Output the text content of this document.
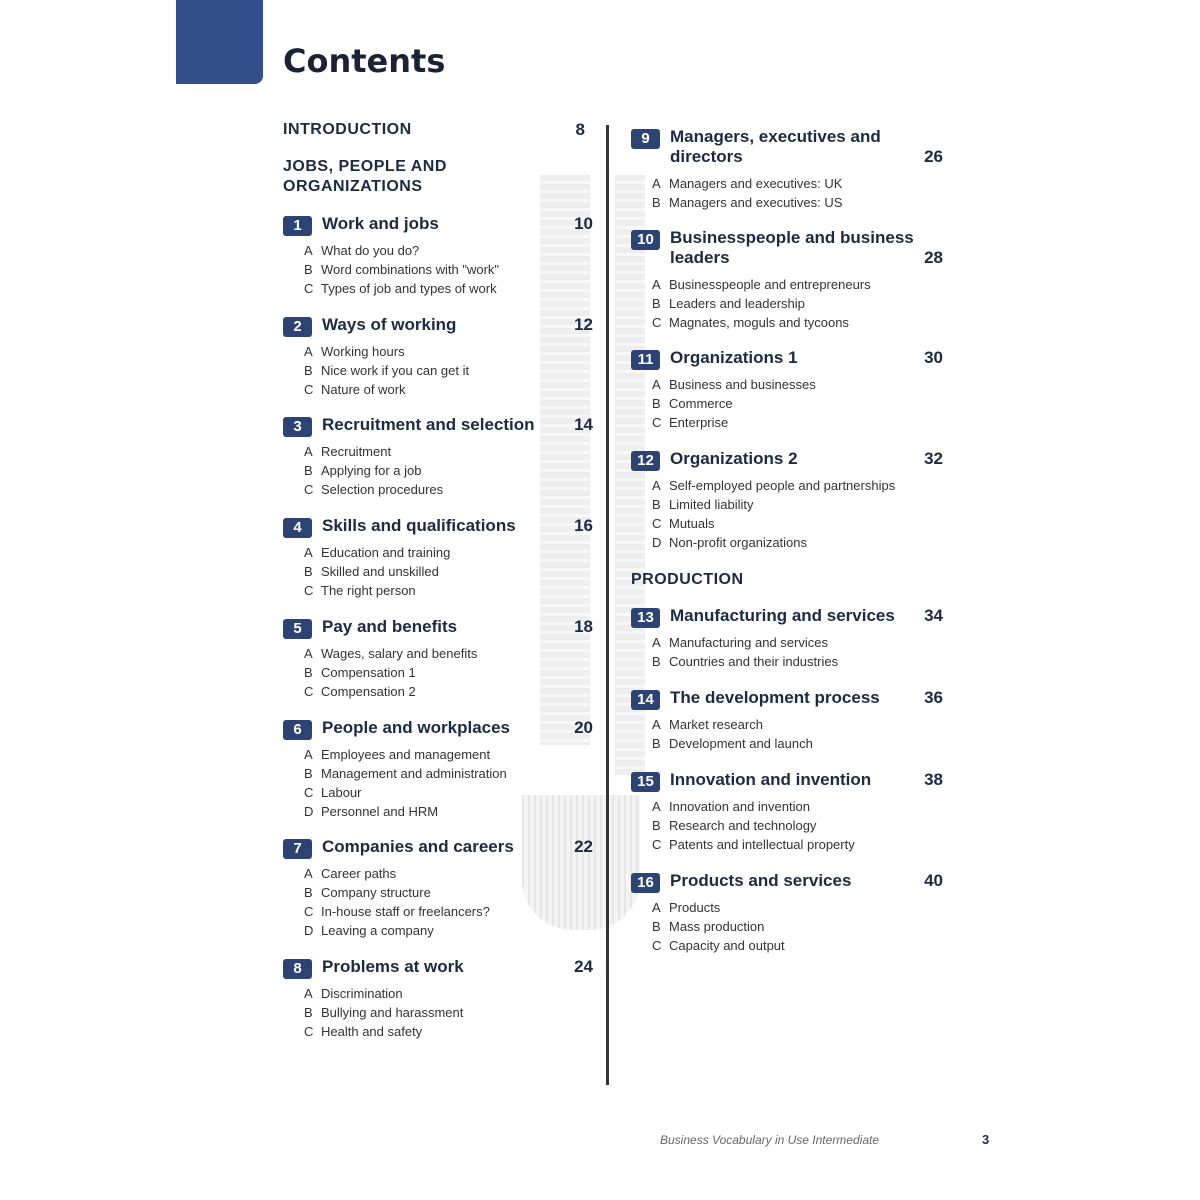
Contents
INTRODUCTION	8
JOBS, PEOPLE AND ORGANIZATIONS
PRODUCTION
1	Work and jobs	10
A What do you do?
B Word combinations with "work"
C Types of job and types of work
2	Ways of working	12
A Working hours
B Nice work if you can get it
C Nature of work
3	Recruitment and selection	14
A Recruitment
B Applying for a job
C Selection procedures
4	Skills and qualifications	16
A Education and training
B Skilled and unskilled
C The right person
5	Pay and benefits	18
A Wages, salary and benefits
B Compensation 1
C Compensation 2
6	People and workplaces	20
A Employees and management
B Management and administration
C Labour
D Personnel and HRM
7	Companies and careers	22
A Career paths
B Company structure
C In-house staff or freelancers?
D Leaving a company
8	Problems at work	24
A Discrimination
B Bullying and harassment
C Health and safety
9	Managers, executives and directors	26
A Managers and executives: UK
B Managers and executives: US
10 Businesspeople and business leaders	28
A Businesspeople and entrepreneurs
B Leaders and leadership
C Magnates, moguls and tycoons
11 Organizations 1	30
A Business and businesses
B Commerce
C Enterprise
12 Organizations 2	32
A Self-employed people and partnerships
B Limited liability
C Mutuals
D Non-profit organizations
13 Manufacturing and services	34
A Manufacturing and services
B Countries and their industries
14 The development process	36
A Market research
B Development and launch
15 Innovation and invention	38
A Innovation and invention
B Research and technology
C Patents and intellectual property
16 Products and services	40
A Products
B Mass production
C Capacity and output
Business Vocabulary in Use Intermediate	3
